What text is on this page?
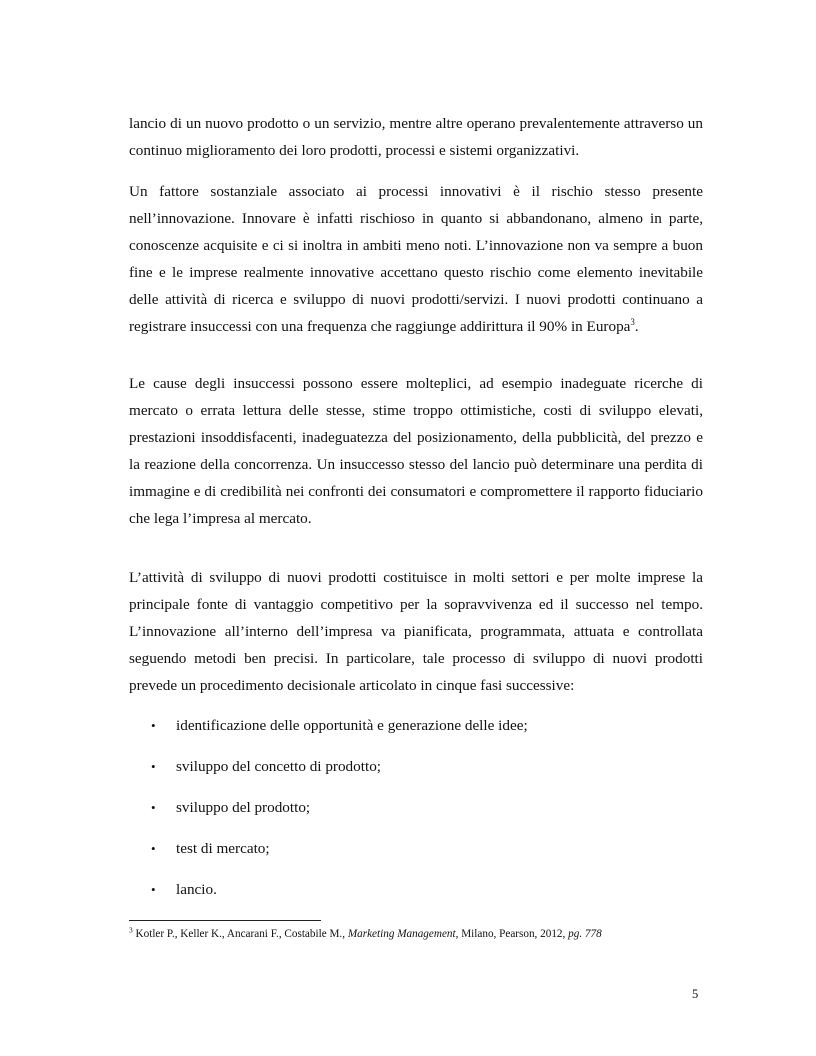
lancio di un nuovo prodotto o un servizio, mentre altre operano prevalentemente attraverso un continuo miglioramento dei loro prodotti, processi e sistemi organizzativi.

Un fattore sostanziale associato ai processi innovativi è il rischio stesso presente nell’innovazione. Innovare è infatti rischioso in quanto si abbandonano, almeno in parte, conoscenze acquisite e ci si inoltra in ambiti meno noti. L’innovazione non va sempre a buon fine e le imprese realmente innovative accettano questo rischio come elemento inevitabile delle attività di ricerca e sviluppo di nuovi prodotti/servizi. I nuovi prodotti continuano a registrare insuccessi con una frequenza che raggiunge addirittura il 90% in Europa$^3$.

Le cause degli insuccessi possono essere molteplici, ad esempio inadeguate ricerche di mercato o errata lettura delle stesse, stime troppo ottimistiche, costi di sviluppo elevati, prestazioni insoddisfacenti, inadeguatezza del posizionamento, della pubblicità, del prezzo e la reazione della concorrenza. Un insuccesso stesso del lancio può determinare una perdita di immagine e di credibilità nei confronti dei consumatori e compromettere il rapporto fiduciario che lega l’impresa al mercato.

L’attività di sviluppo di nuovi prodotti costituisce in molti settori e per molte imprese la principale fonte di vantaggio competitivo per la sopravvivenza ed il successo nel tempo. L’innovazione all’interno dell’impresa va pianificata, programmata, attuata e controllata seguendo metodi ben precisi. In particolare, tale processo di sviluppo di nuovi prodotti prevede un procedimento decisionale articolato in cinque fasi successive:

• identificazione delle opportunità e generazione delle idee;
• sviluppo del concetto di prodotto;
• sviluppo del prodotto;
• test di mercato;
• lancio.
$^3$ Kotler P., Keller K., Ancarani F., Costabile M., Marketing Management, Milano, Pearson, 2012, pg. 778
5
